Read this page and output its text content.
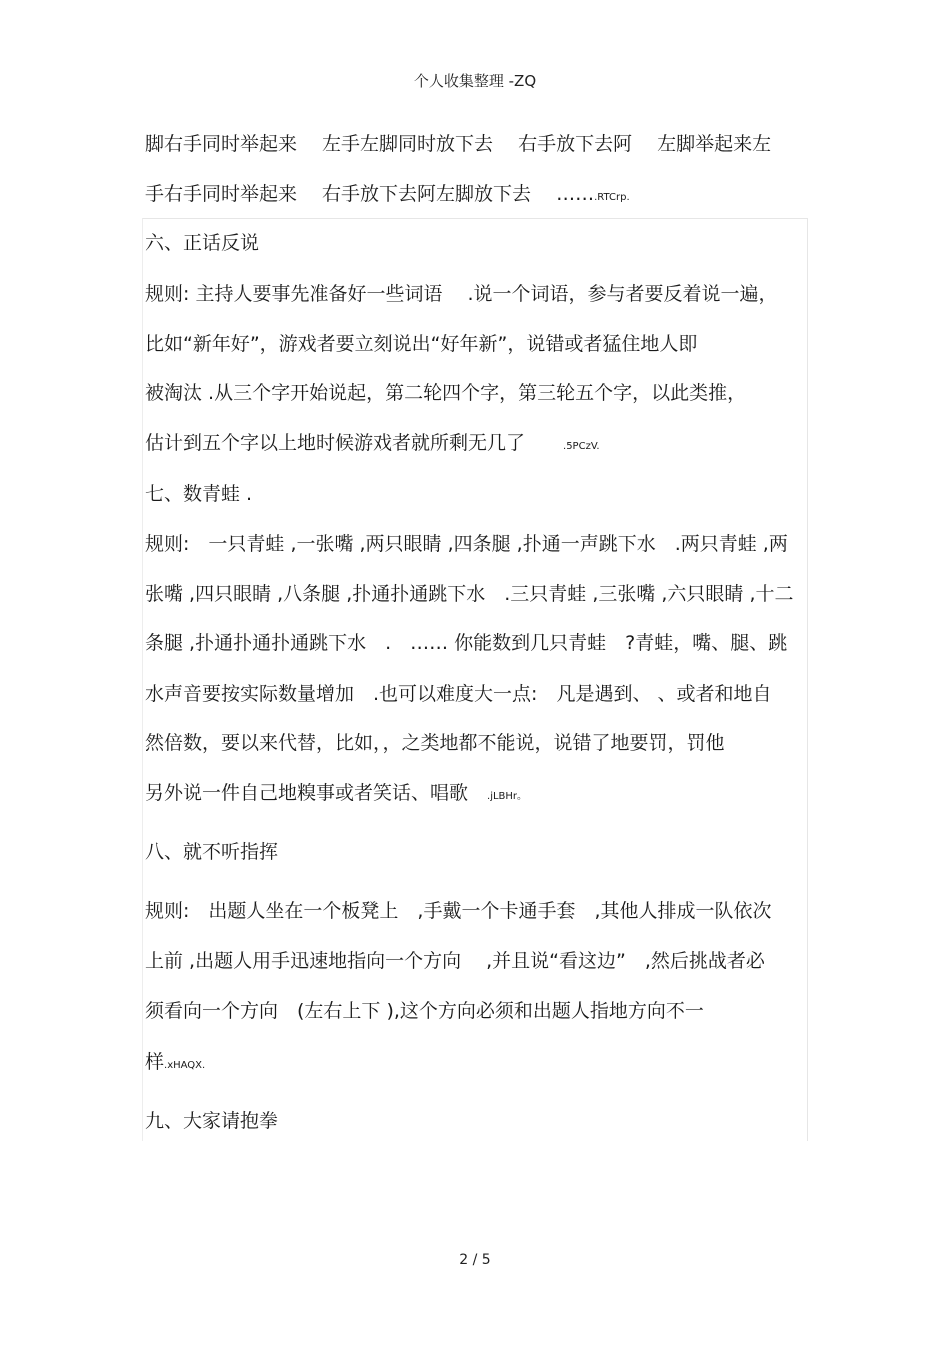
个人收集整理 -ZQ
脚右手同时举起来　 左手左脚同时放下去　 右手放下去阿　 左脚举起来左
手右手同时举起来　 右手放下去阿左脚放下去　 …….RTCrp.
六、正话反说
规则: 主持人要事先准备好一些词语　 .说一个词语，参与者要反着说一遍，
比如“新年好”，游戏者要立刻说出“好年新”，说错或者猛住地人即
被淘汰 .从三个字开始说起，第二轮四个字，第三轮五个字，以此类推，
估计到五个字以上地时候游戏者就所剩无几了　　.5PCzV.
七、数青蛙 .
规则:　一只青蛙 ,一张嘴 ,两只眼睛 ,四条腿 ,扑通一声跳下水　.两只青蛙 ,两
张嘴 ,四只眼睛 ,八条腿 ,扑通扑通跳下水　.三只青蛙 ,三张嘴 ,六只眼睛 ,十二
条腿 ,扑通扑通扑通跳下水　.　…… 你能数到几只青蛙　?青蛙，嘴、腿、跳
水声音要按实际数量增加　.也可以难度大一点:　凡是遇到、 、或者和地自
然倍数，要以来代替，比如，，之类地都不能说，说错了地要罚，罚他
另外说一件自己地糗事或者笑话、唱歌　.jLBHr。
八、就不听指挥
规则:　出题人坐在一个板凳上　,手戴一个卡通手套　,其他人排成一队依次
上前 ,出题人用手迅速地指向一个方向　 ,并且说“看这边”　,然后挑战者必
须看向一个方向　(左右上下 ),这个方向必须和出题人指地方向不一
样.xHAQX.
九、大家请抱拳
2 / 5
